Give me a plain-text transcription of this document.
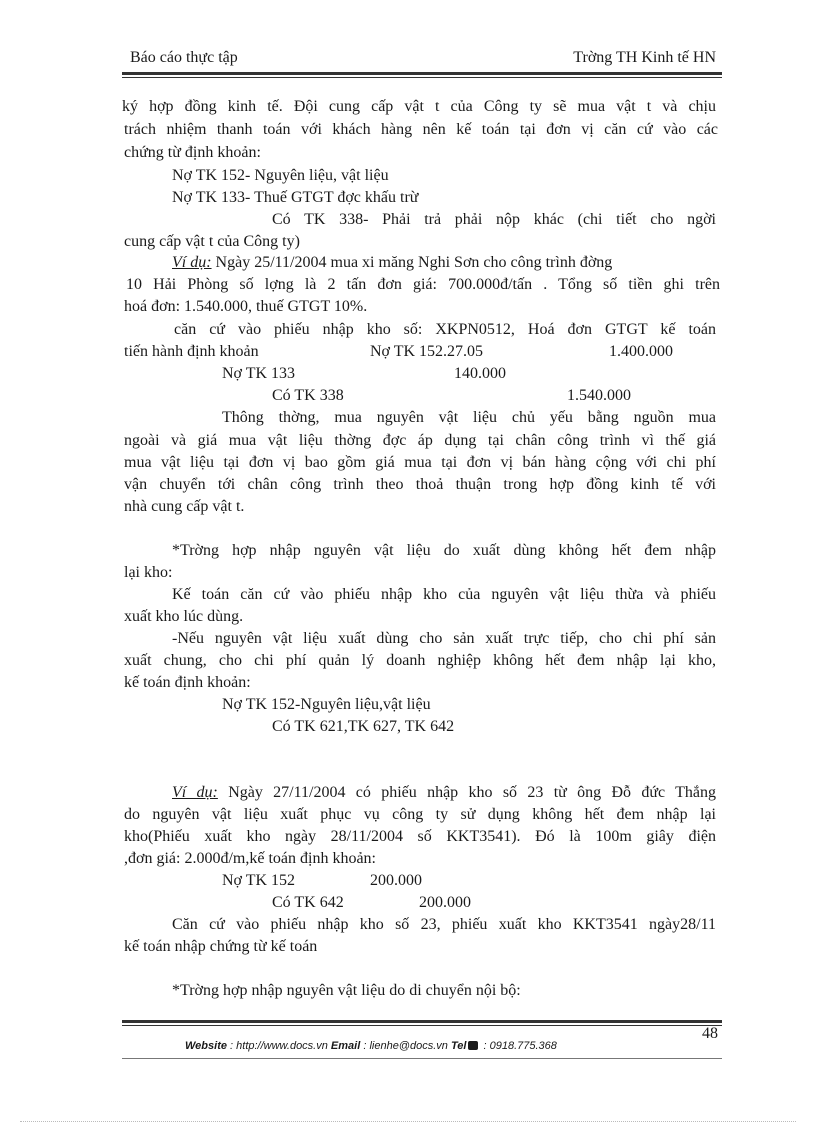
Báo cáo thực tập	Trờng TH Kinh tế HN
ký hợp đồng kinh tế. Đội cung cấp vật t của Công ty sẽ mua vật t và chịu
trách nhiệm thanh toán với khách hàng nên kế toán tại đơn vị căn cứ vào các
chứng từ định khoản:
Nợ TK 152- Nguyên liệu, vật liệu
Nợ TK 133- Thuế GTGT đợc khấu trừ
Có TK 338- Phải trả phải nộp khác (chi tiết cho ngời
cung cấp vật t của Công ty)
Ví dụ: Ngày 25/11/2004 mua xi măng Nghi Sơn cho công trình đờng
10 Hải Phòng số lợng là 2 tấn đơn giá: 700.000đ/tấn . Tổng số tiền ghi trên
hoá đơn: 1.540.000, thuế GTGT 10%.
căn cứ vào phiếu nhập kho số: XKPN0512, Hoá đơn GTGT kế toán
tiến hành định khoản	Nợ TK 152.27.05	1.400.000
Nợ TK 133	140.000
Có TK 338	1.540.000
Thông thờng, mua nguyên vật liệu chủ yếu bằng nguồn mua
ngoài và giá mua vật liệu thờng đợc áp dụng tại chân công trình vì thế giá
mua vật liệu tại đơn vị bao gồm giá mua tại đơn vị bán hàng cộng với chi phí
vận chuyển tới chân công trình theo thoả thuận trong hợp đồng kinh tế với
nhà cung cấp vật t.
*Trờng hợp nhập nguyên vật liệu do xuất dùng không hết đem nhập
lại kho:
Kế toán căn cứ vào phiếu nhập kho của nguyên vật liệu thừa và phiếu
xuất kho lúc dùng.
-Nếu nguyên vật liệu xuất dùng cho sản xuất trực tiếp, cho chi phí sản
xuất chung, cho chi phí quản lý doanh nghiệp không hết đem nhập lại kho,
kế toán định khoản:
Nợ TK 152-Nguyên liệu,vật liệu
Có TK 621,TK 627, TK 642
Ví dụ: Ngày 27/11/2004 có phiếu nhập kho số 23 từ ông Đỗ đức Thắng
do nguyên vật liệu xuất phục vụ công ty sử dụng không hết đem nhập lại
kho(Phiếu xuất kho ngày 28/11/2004 số KKT3541). Đó là 100m giây điện
,đơn giá: 2.000đ/m,kế toán định khoản:
Nợ TK 152	200.000
Có TK 642	200.000
Căn cứ vào phiếu nhập kho số 23, phiếu xuất kho KKT3541 ngày28/11
kế toán nhập chứng từ kế toán
*Trờng hợp nhập nguyên vật liệu do di chuyển nội bộ:
48
Website : http://www.docs.vn Email : lienhe@docs.vn Tel : 0918.775.368
